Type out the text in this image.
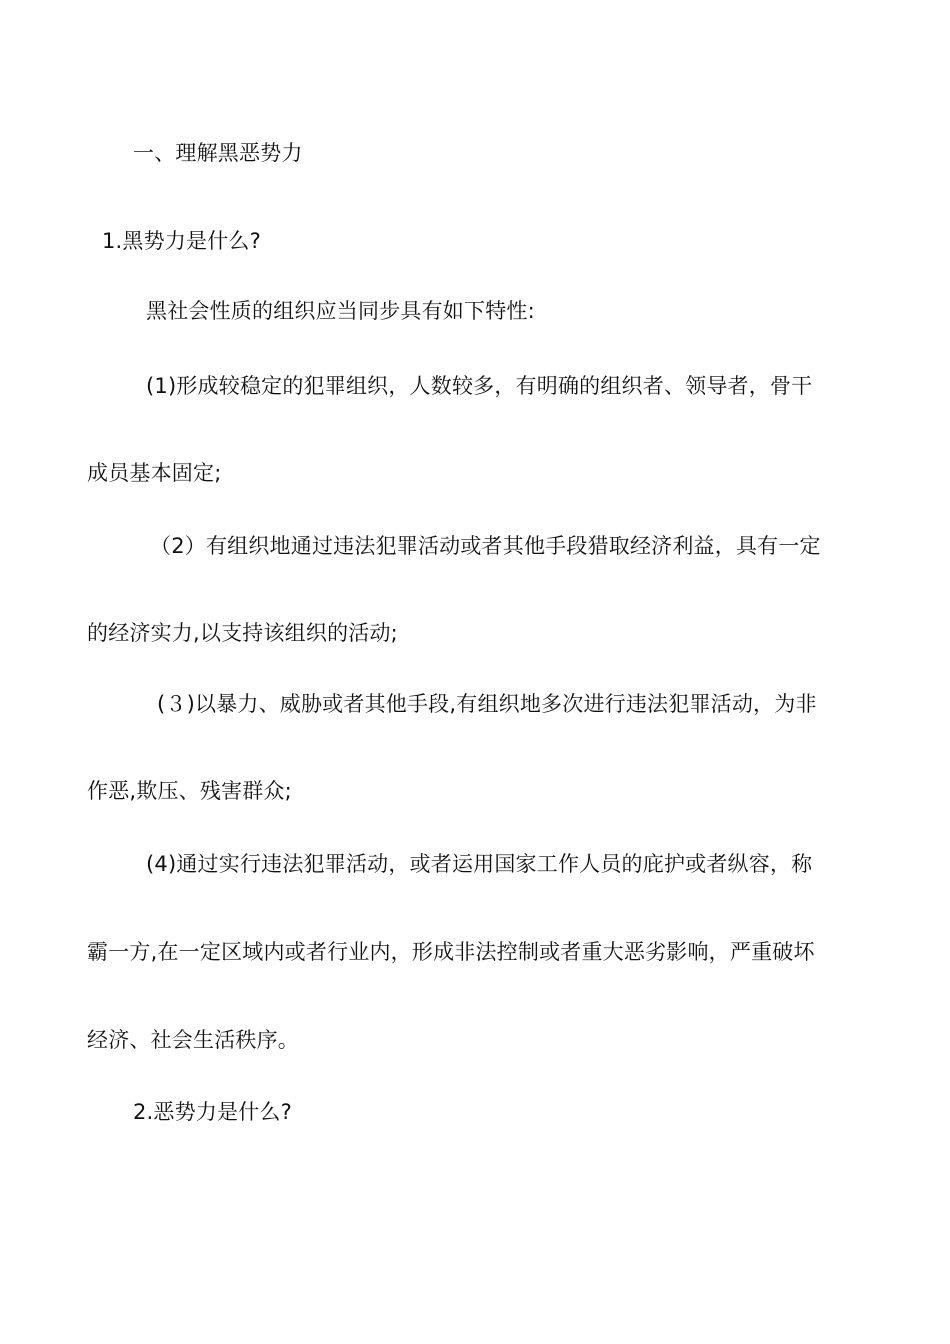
一、理解黑恶势力
1.黑势力是什么?
黑社会性质的组织应当同步具有如下特性:
(1)形成较稳定的犯罪组织，人数较多，有明确的组织者、领导者，骨干
成员基本固定;
（2）有组织地通过违法犯罪活动或者其他手段猎取经济利益，具有一定
的经济实力,以支持该组织的活动;
(３)以暴力、威胁或者其他手段,有组织地多次进行违法犯罪活动，为非
作恶,欺压、残害群众;
(4)通过实行违法犯罪活动，或者运用国家工作人员的庇护或者纵容，称
霸一方,在一定区域内或者行业内，形成非法控制或者重大恶劣影响，严重破坏
经济、社会生活秩序。
2.恶势力是什么?
